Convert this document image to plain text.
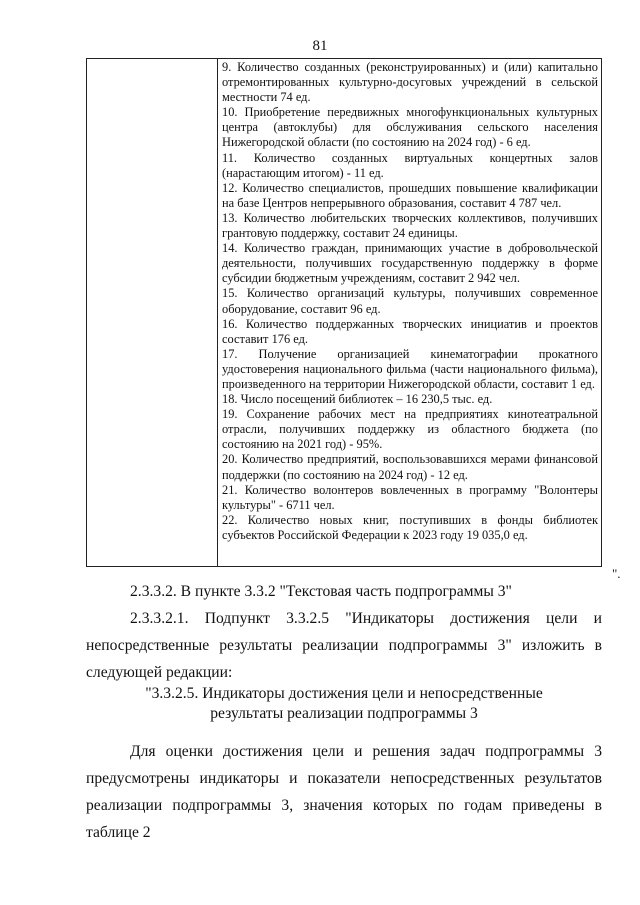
81

9. Количество созданных (реконструированных) и (или) капитально отремонтированных культурно-досуговых учреждений в сельской местности 74 ед.

10. Приобретение передвижных многофункциональных культурных центра (автоклубы) для обслуживания сельского населения Нижегородской области (по состоянию на 2024 год) - 6 ед.

11. Количество созданных виртуальных концертных залов (нарастающим итогом) - 11 ед.

12. Количество специалистов, прошедших повышение квалификации на базе Центров непрерывного образования, составит 4 787 чел.

13. Количество любительских творческих коллективов, получивших грантовую поддержку, составит 24 единицы.

14. Количество граждан, принимающих участие в добровольческой деятельности, получивших государственную поддержку в форме субсидии бюджетным учреждениям, составит 2 942 чел.

15. Количество организаций культуры, получивших современное оборудование, составит 96 ед.

16. Количество поддержанных творческих инициатив и проектов составит 176 ед.

17. Получение организацией кинематографии прокатного удостоверения национального фильма (части национального фильма), произведенного на территории Нижегородской области, составит 1 ед.

18. Число посещений библиотек – 16 230,5 тыс. ед.

19. Сохранение рабочих мест на предприятиях кинотеатральной отрасли, получивших поддержку из областного бюджета (по состоянию на 2021 год) - 95%.

20. Количество предприятий, воспользовавшихся мерами финансовой поддержки (по состоянию на 2024 год) - 12 ед.

21. Количество волонтеров вовлеченных в программу "Волонтеры культуры" - 6711 чел.

22. Количество новых книг, поступивших в фонды библиотек субъектов Российской Федерации к 2023 году 19 035,0 ед.

".

2.3.3.2. В пункте 3.3.2 "Текстовая часть подпрограммы 3"

2.3.3.2.1. Подпункт 3.3.2.5 "Индикаторы достижения цели и непосредственные результаты реализации подпрограммы 3" изложить в следующей редакции:

"3.3.2.5. Индикаторы достижения цели и непосредственные
результаты реализации подпрограммы 3

Для оценки достижения цели и решения задач подпрограммы 3 предусмотрены индикаторы и показатели непосредственных результатов реализации подпрограммы 3, значения которых по годам приведены в таблице 2
